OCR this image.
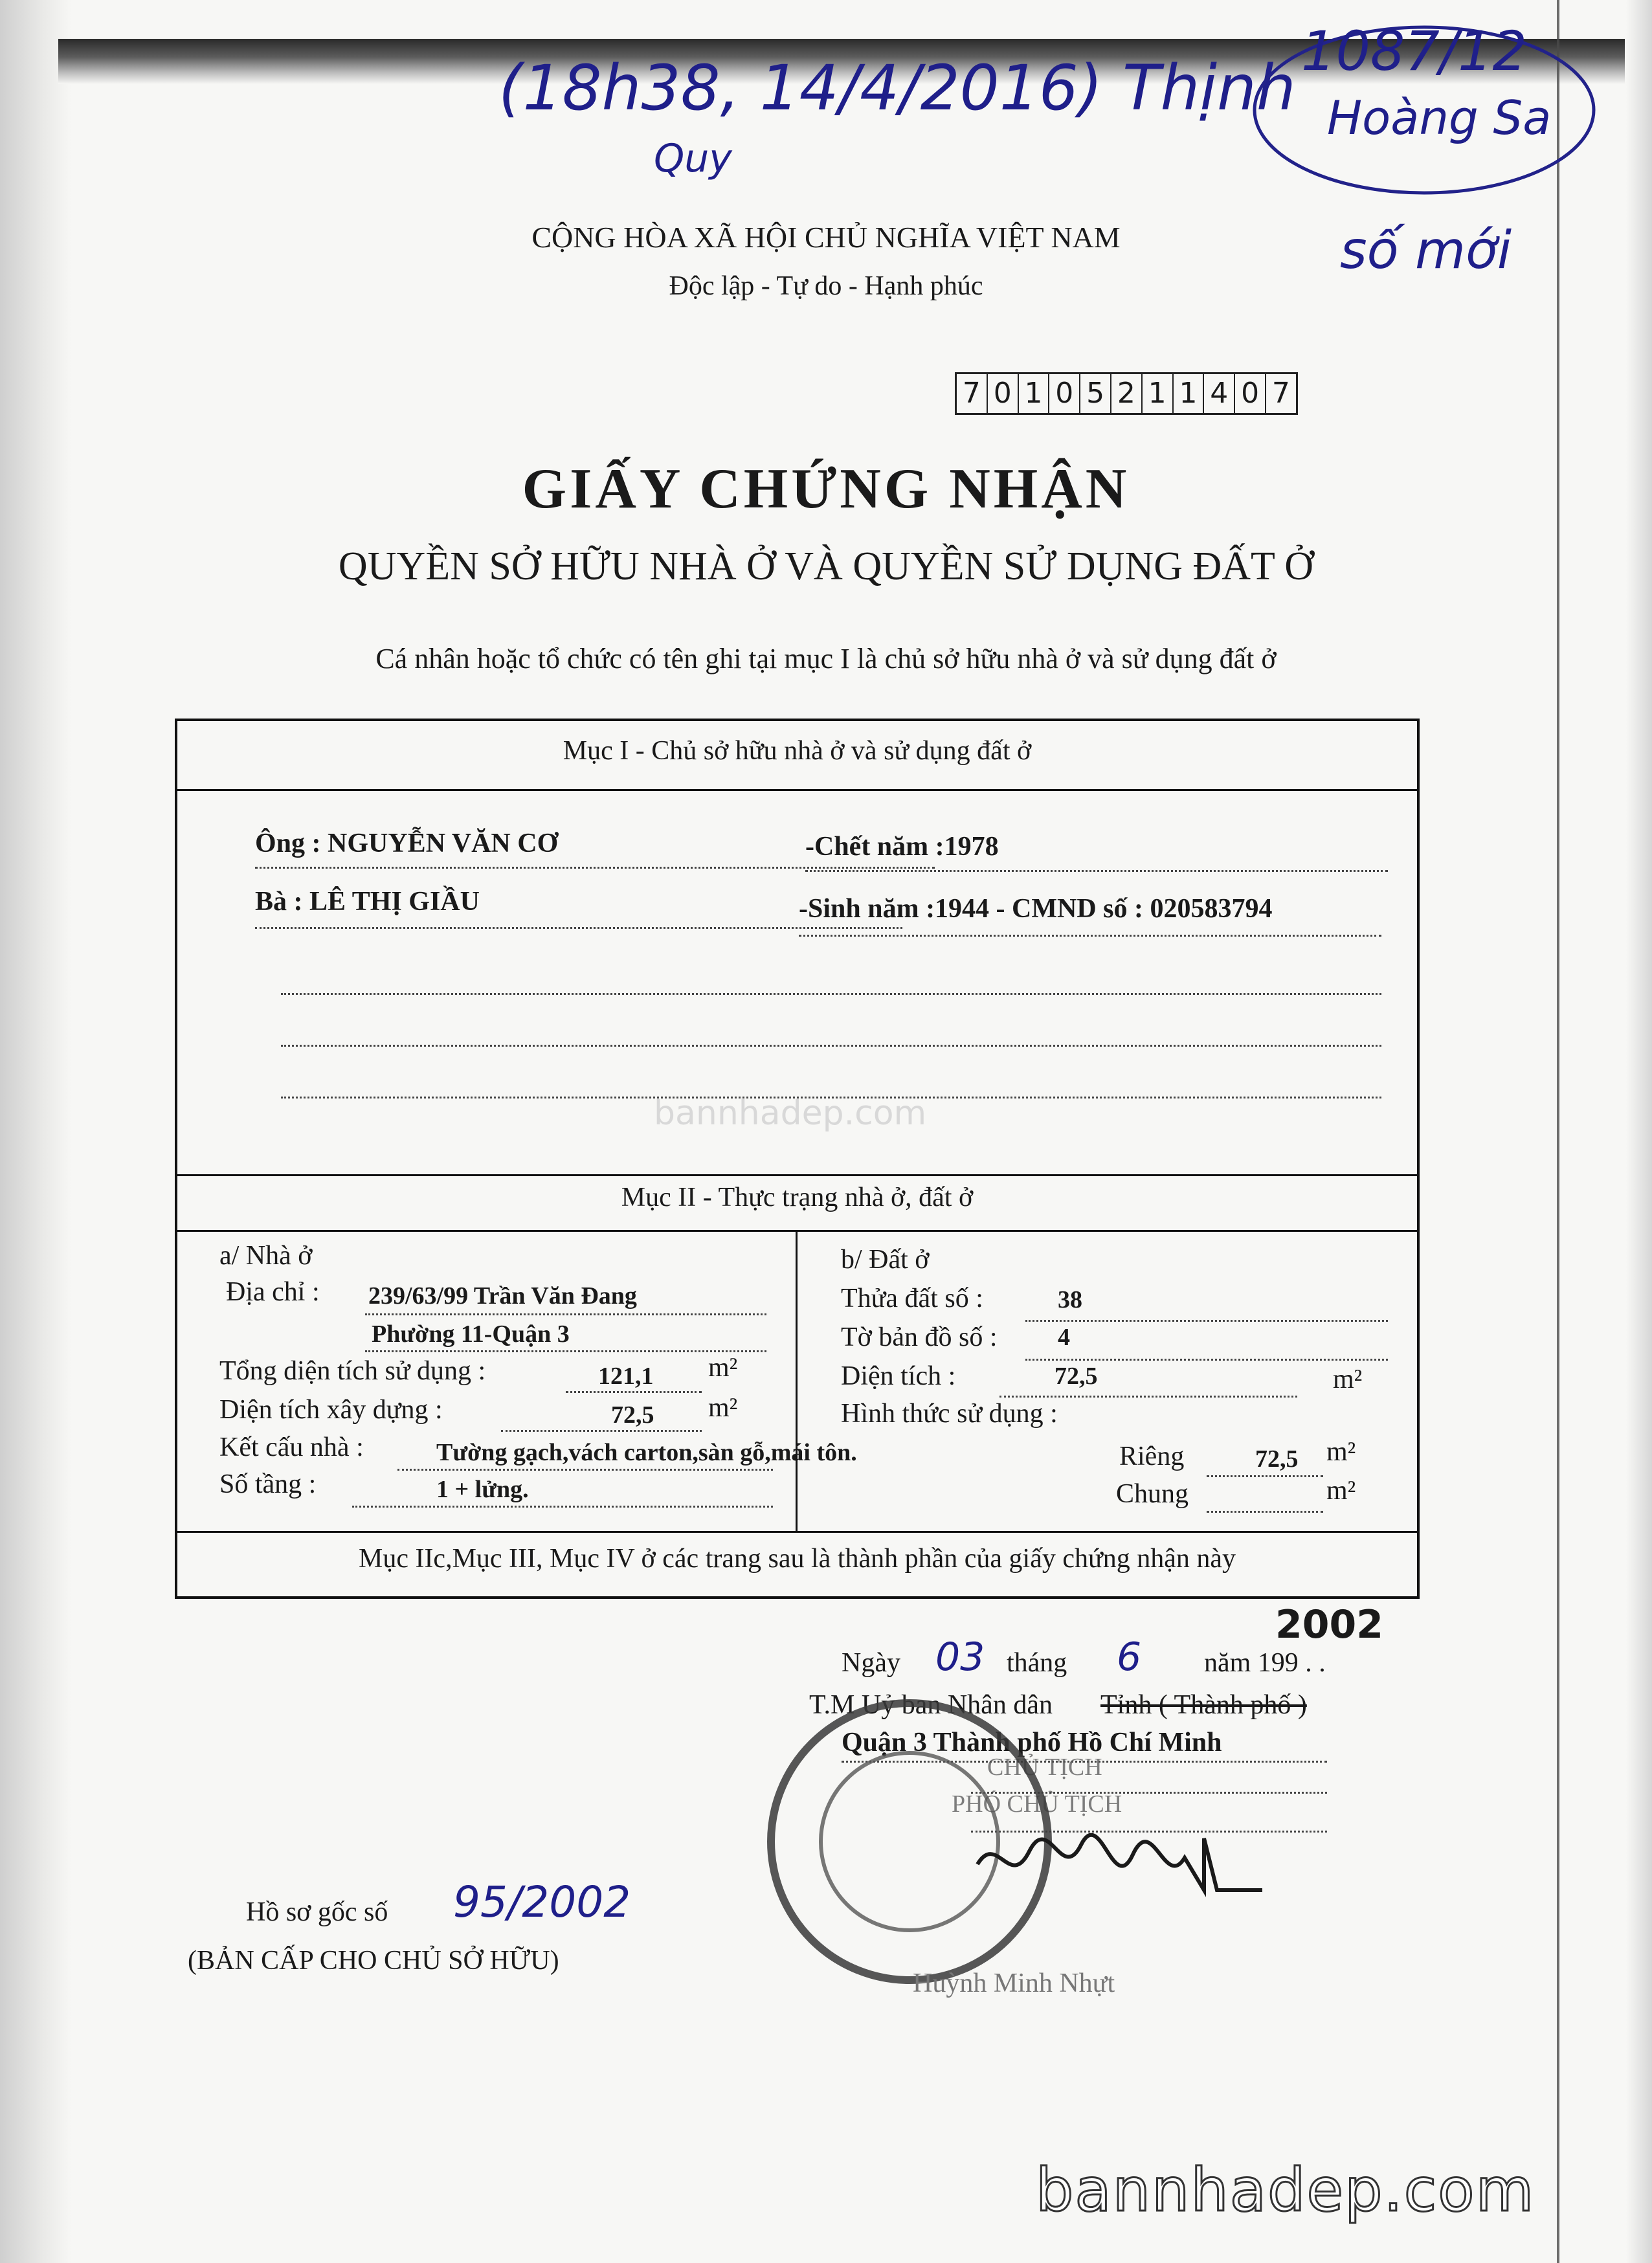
(18h38, 14/4/2016) Thịnh
Quy
1087/12
Hoàng Sa
số mới
CỘNG HÒA XÃ HỘI CHỦ NGHĨA VIỆT NAM
Độc lập - Tự do - Hạnh phúc
7 0 1 0 5 2 1 1 4 0 7
GIẤY CHỨNG NHẬN
QUYỀN SỞ HỮU NHÀ Ở VÀ QUYỀN SỬ DỤNG ĐẤT Ở
Cá nhân hoặc tổ chức có tên ghi tại mục I là chủ sở hữu nhà ở và sử dụng đất ở
Mục I - Chủ sở hữu nhà ở và sử dụng đất ở
Ông : NGUYỄN VĂN CƠ	-Chết năm :1978
Bà : LÊ THỊ GIẦU	-Sinh năm :1944 - CMND số : 020583794
Mục II - Thực trạng nhà ở, đất ở
a/ Nhà ở
Địa chỉ : 239/63/99 Trần Văn Đang
Phường 11-Quận 3
Tổng diện tích sử dụng :	121,1 m²
Diện tích xây dựng :	72,5 m²
Kết cấu nhà :	Tường gạch,vách carton,sàn gỗ,mái tôn.
Số tầng :	1 + lửng.
b/ Đất ở
Thửa đất số :	38
Tờ bản đồ số : 4
Diện tích :	72,5	m²
Hình thức sử dụng :
Riêng	72,5 m²
Chung	m²
Mục IIc,Mục III, Mục IV ở các trang sau là thành phần của giấy chứng nhận này
2002
Ngày 03 tháng 6 năm 199 . .
T.M Uỷ ban Nhân dân Tỉnh ( Thành phố )
Quận 3 Thành phố Hồ Chí Minh
CHỦ TỊCH
PHÓ CHỦ TỊCH
Huỳnh Minh Nhựt
Hồ sơ gốc số 95/2002
(BẢN CẤP CHO CHỦ SỞ HỮU)
bannhadep.com
bannhadep.com
